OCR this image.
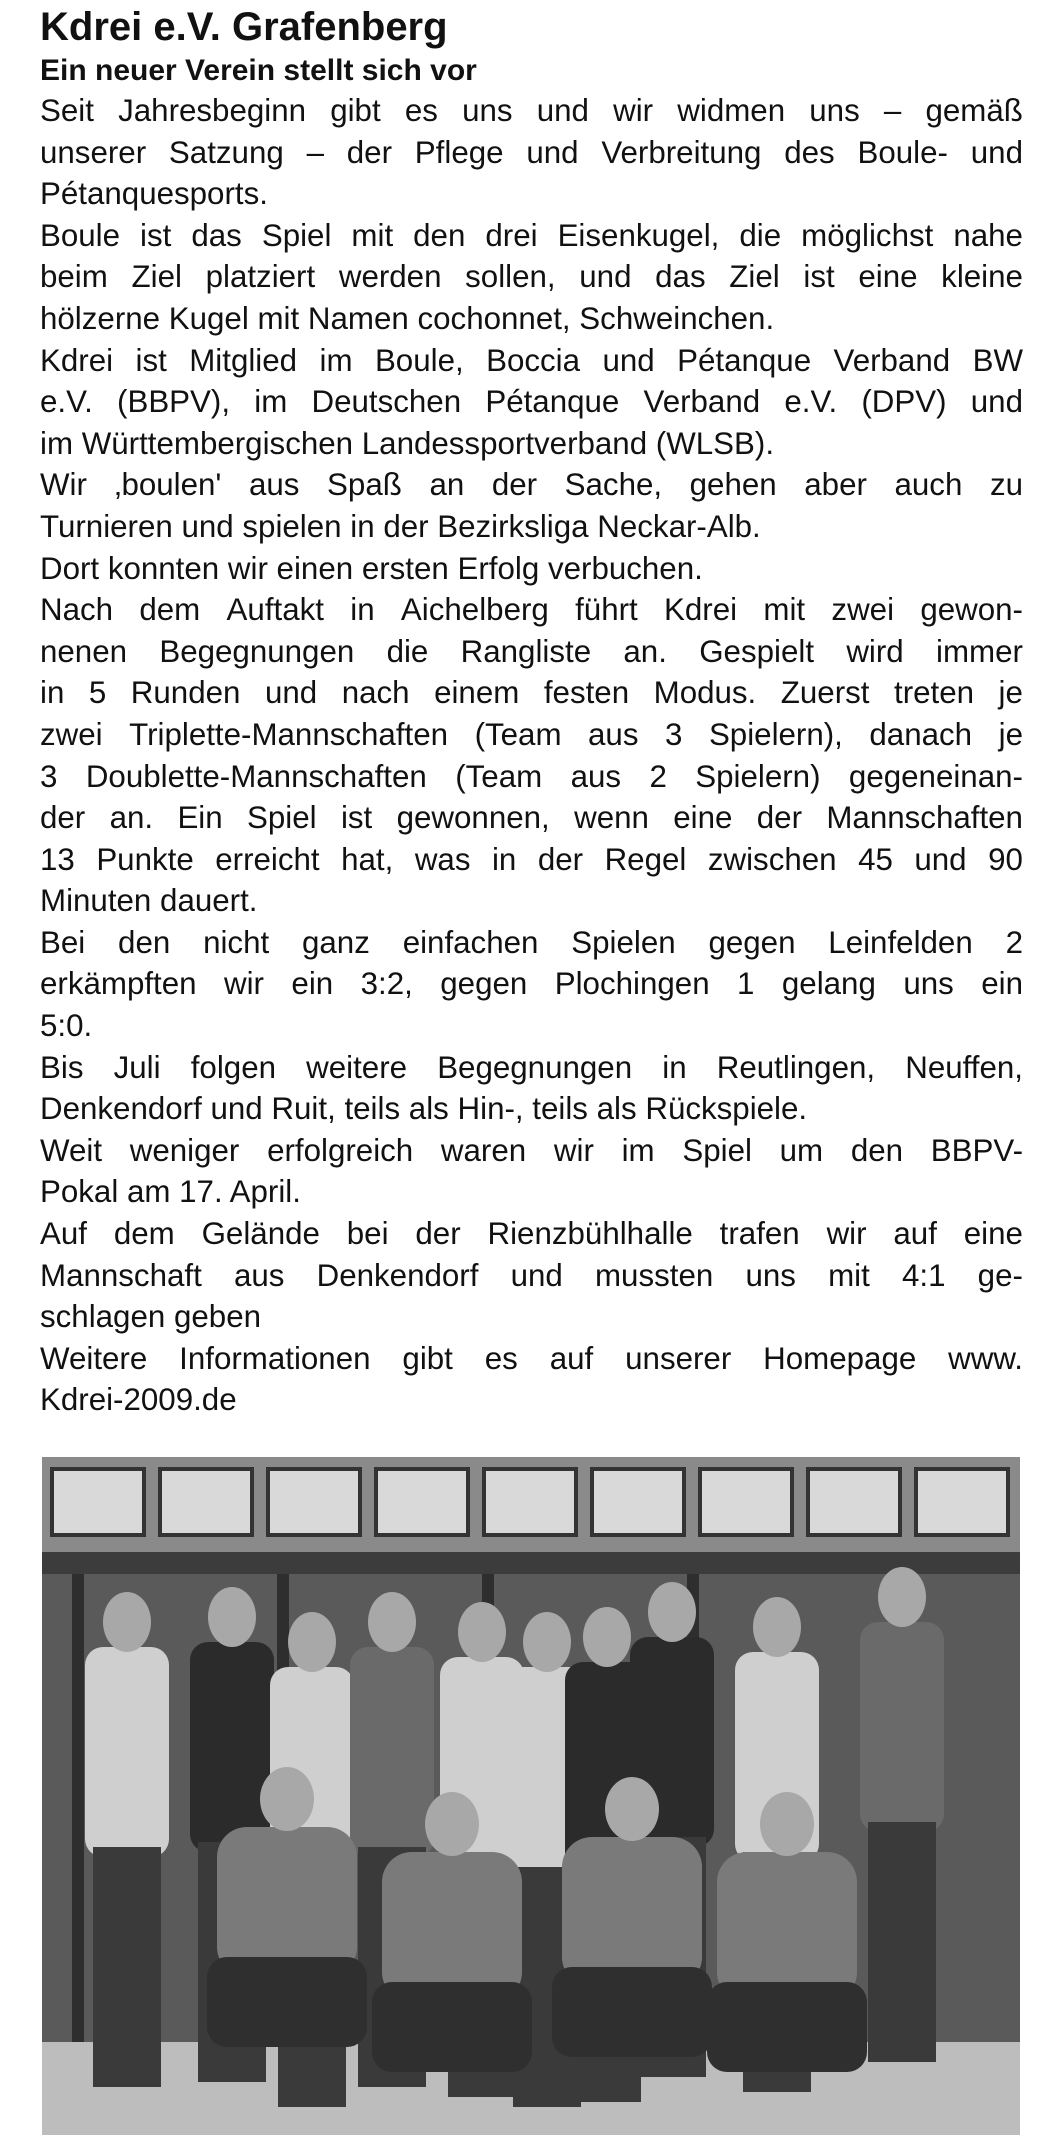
Kdrei e.V. Grafenberg
Ein neuer Verein stellt sich vor
Seit Jahresbeginn gibt es uns und wir widmen uns – gemäß
unserer Satzung – der Pflege und Verbreitung des Boule- und
Pétanquesports.
Boule ist das Spiel mit den drei Eisenkugel, die möglichst nahe
beim Ziel platziert werden sollen, und das Ziel ist eine kleine
hölzerne Kugel mit Namen cochonnet, Schweinchen.
Kdrei ist Mitglied im Boule, Boccia und Pétanque Verband BW
e.V. (BBPV), im Deutschen Pétanque Verband e.V. (DPV) und
im Württembergischen Landessportverband (WLSB).
Wir ‚boulen' aus Spaß an der Sache, gehen aber auch zu
Turnieren und spielen in der Bezirksliga Neckar-Alb.
Dort konnten wir einen ersten Erfolg verbuchen.
Nach dem Auftakt in Aichelberg führt Kdrei mit zwei gewon-
nenen Begegnungen die Rangliste an. Gespielt wird immer
in 5 Runden und nach einem festen Modus. Zuerst treten je
zwei Triplette-Mannschaften (Team aus 3 Spielern), danach je
3 Doublette-Mannschaften (Team aus 2 Spielern) gegeneinan-
der an. Ein Spiel ist gewonnen, wenn eine der Mannschaften
13 Punkte erreicht hat, was in der Regel zwischen 45 und 90
Minuten dauert.
Bei den nicht ganz einfachen Spielen gegen Leinfelden 2
erkämpften wir ein 3:2, gegen Plochingen 1 gelang uns ein
5:0.
Bis Juli folgen weitere Begegnungen in Reutlingen, Neuffen,
Denkendorf und Ruit, teils als Hin-, teils als Rückspiele.
Weit weniger erfolgreich waren wir im Spiel um den BBPV-
Pokal am 17. April.
Auf dem Gelände bei der Rienzbühlhalle trafen wir auf eine
Mannschaft aus Denkendorf und mussten uns mit 4:1 ge-
schlagen geben
Weitere Informationen gibt es auf unserer Homepage www.
Kdrei-2009.de
